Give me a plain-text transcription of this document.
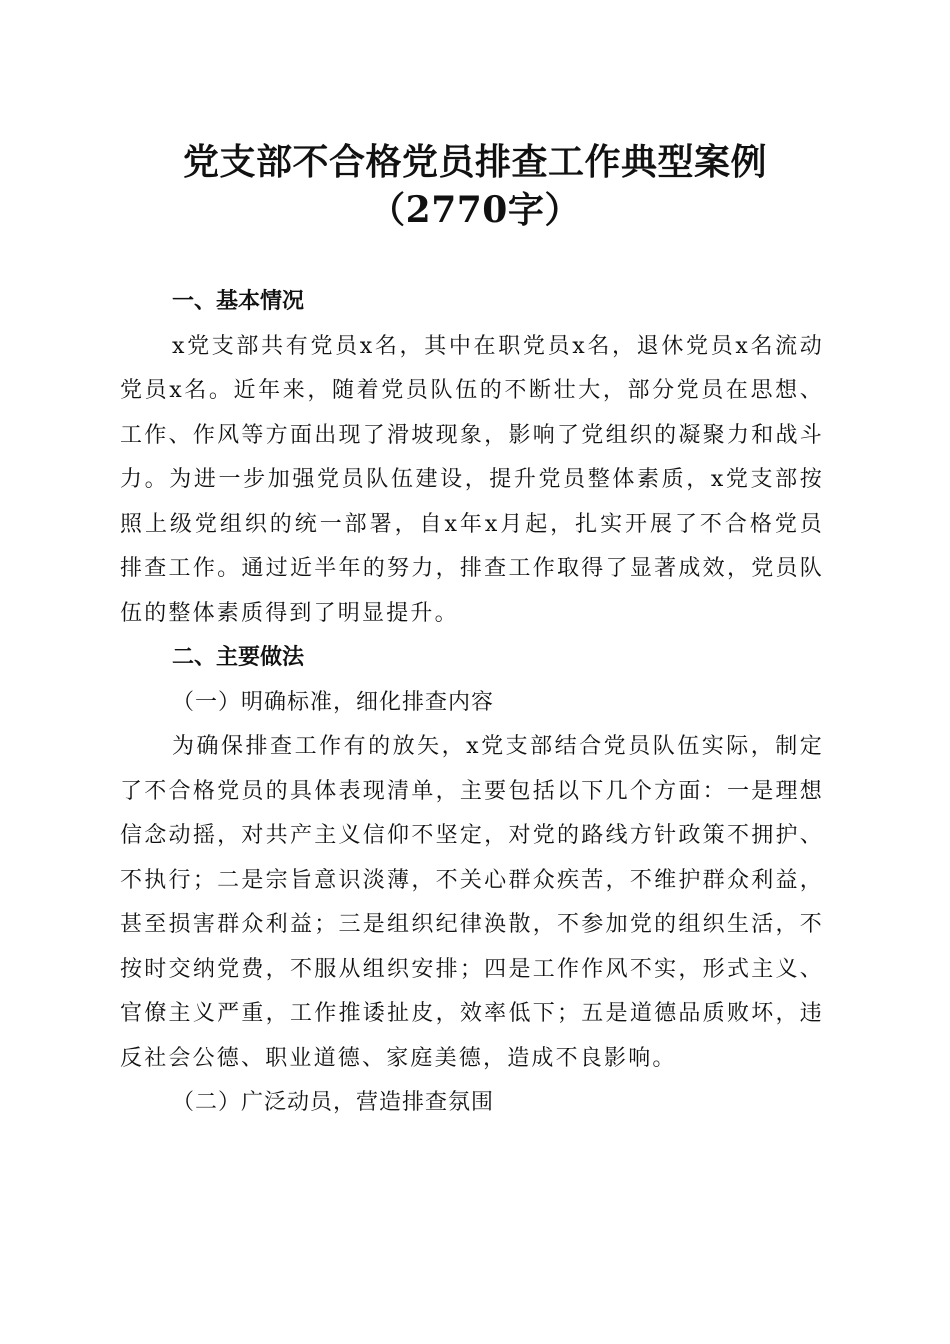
党支部不合格党员排查工作典型案例（2770字）

一、基本情况

x党支部共有党员x名，其中在职党员x名，退休党员x名流动党员x名。近年来，随着党员队伍的不断壮大，部分党员在思想、工作、作风等方面出现了滑坡现象，影响了党组织的凝聚力和战斗力。为进一步加强党员队伍建设，提升党员整体素质，x党支部按照上级党组织的统一部署，自x年x月起，扎实开展了不合格党员排查工作。通过近半年的努力，排查工作取得了显著成效，党员队伍的整体素质得到了明显提升。

二、主要做法

（一）明确标准，细化排查内容

为确保排查工作有的放矢，x党支部结合党员队伍实际，制定了不合格党员的具体表现清单，主要包括以下几个方面：一是理想信念动摇，对共产主义信仰不坚定，对党的路线方针政策不拥护、不执行；二是宗旨意识淡薄，不关心群众疾苦，不维护群众利益，甚至损害群众利益；三是组织纪律涣散，不参加党的组织生活，不按时交纳党费，不服从组织安排；四是工作作风不实，形式主义、官僚主义严重，工作推诿扯皮，效率低下；五是道德品质败坏，违反社会公德、职业道德、家庭美德，造成不良影响。

（二）广泛动员，营造排查氛围
